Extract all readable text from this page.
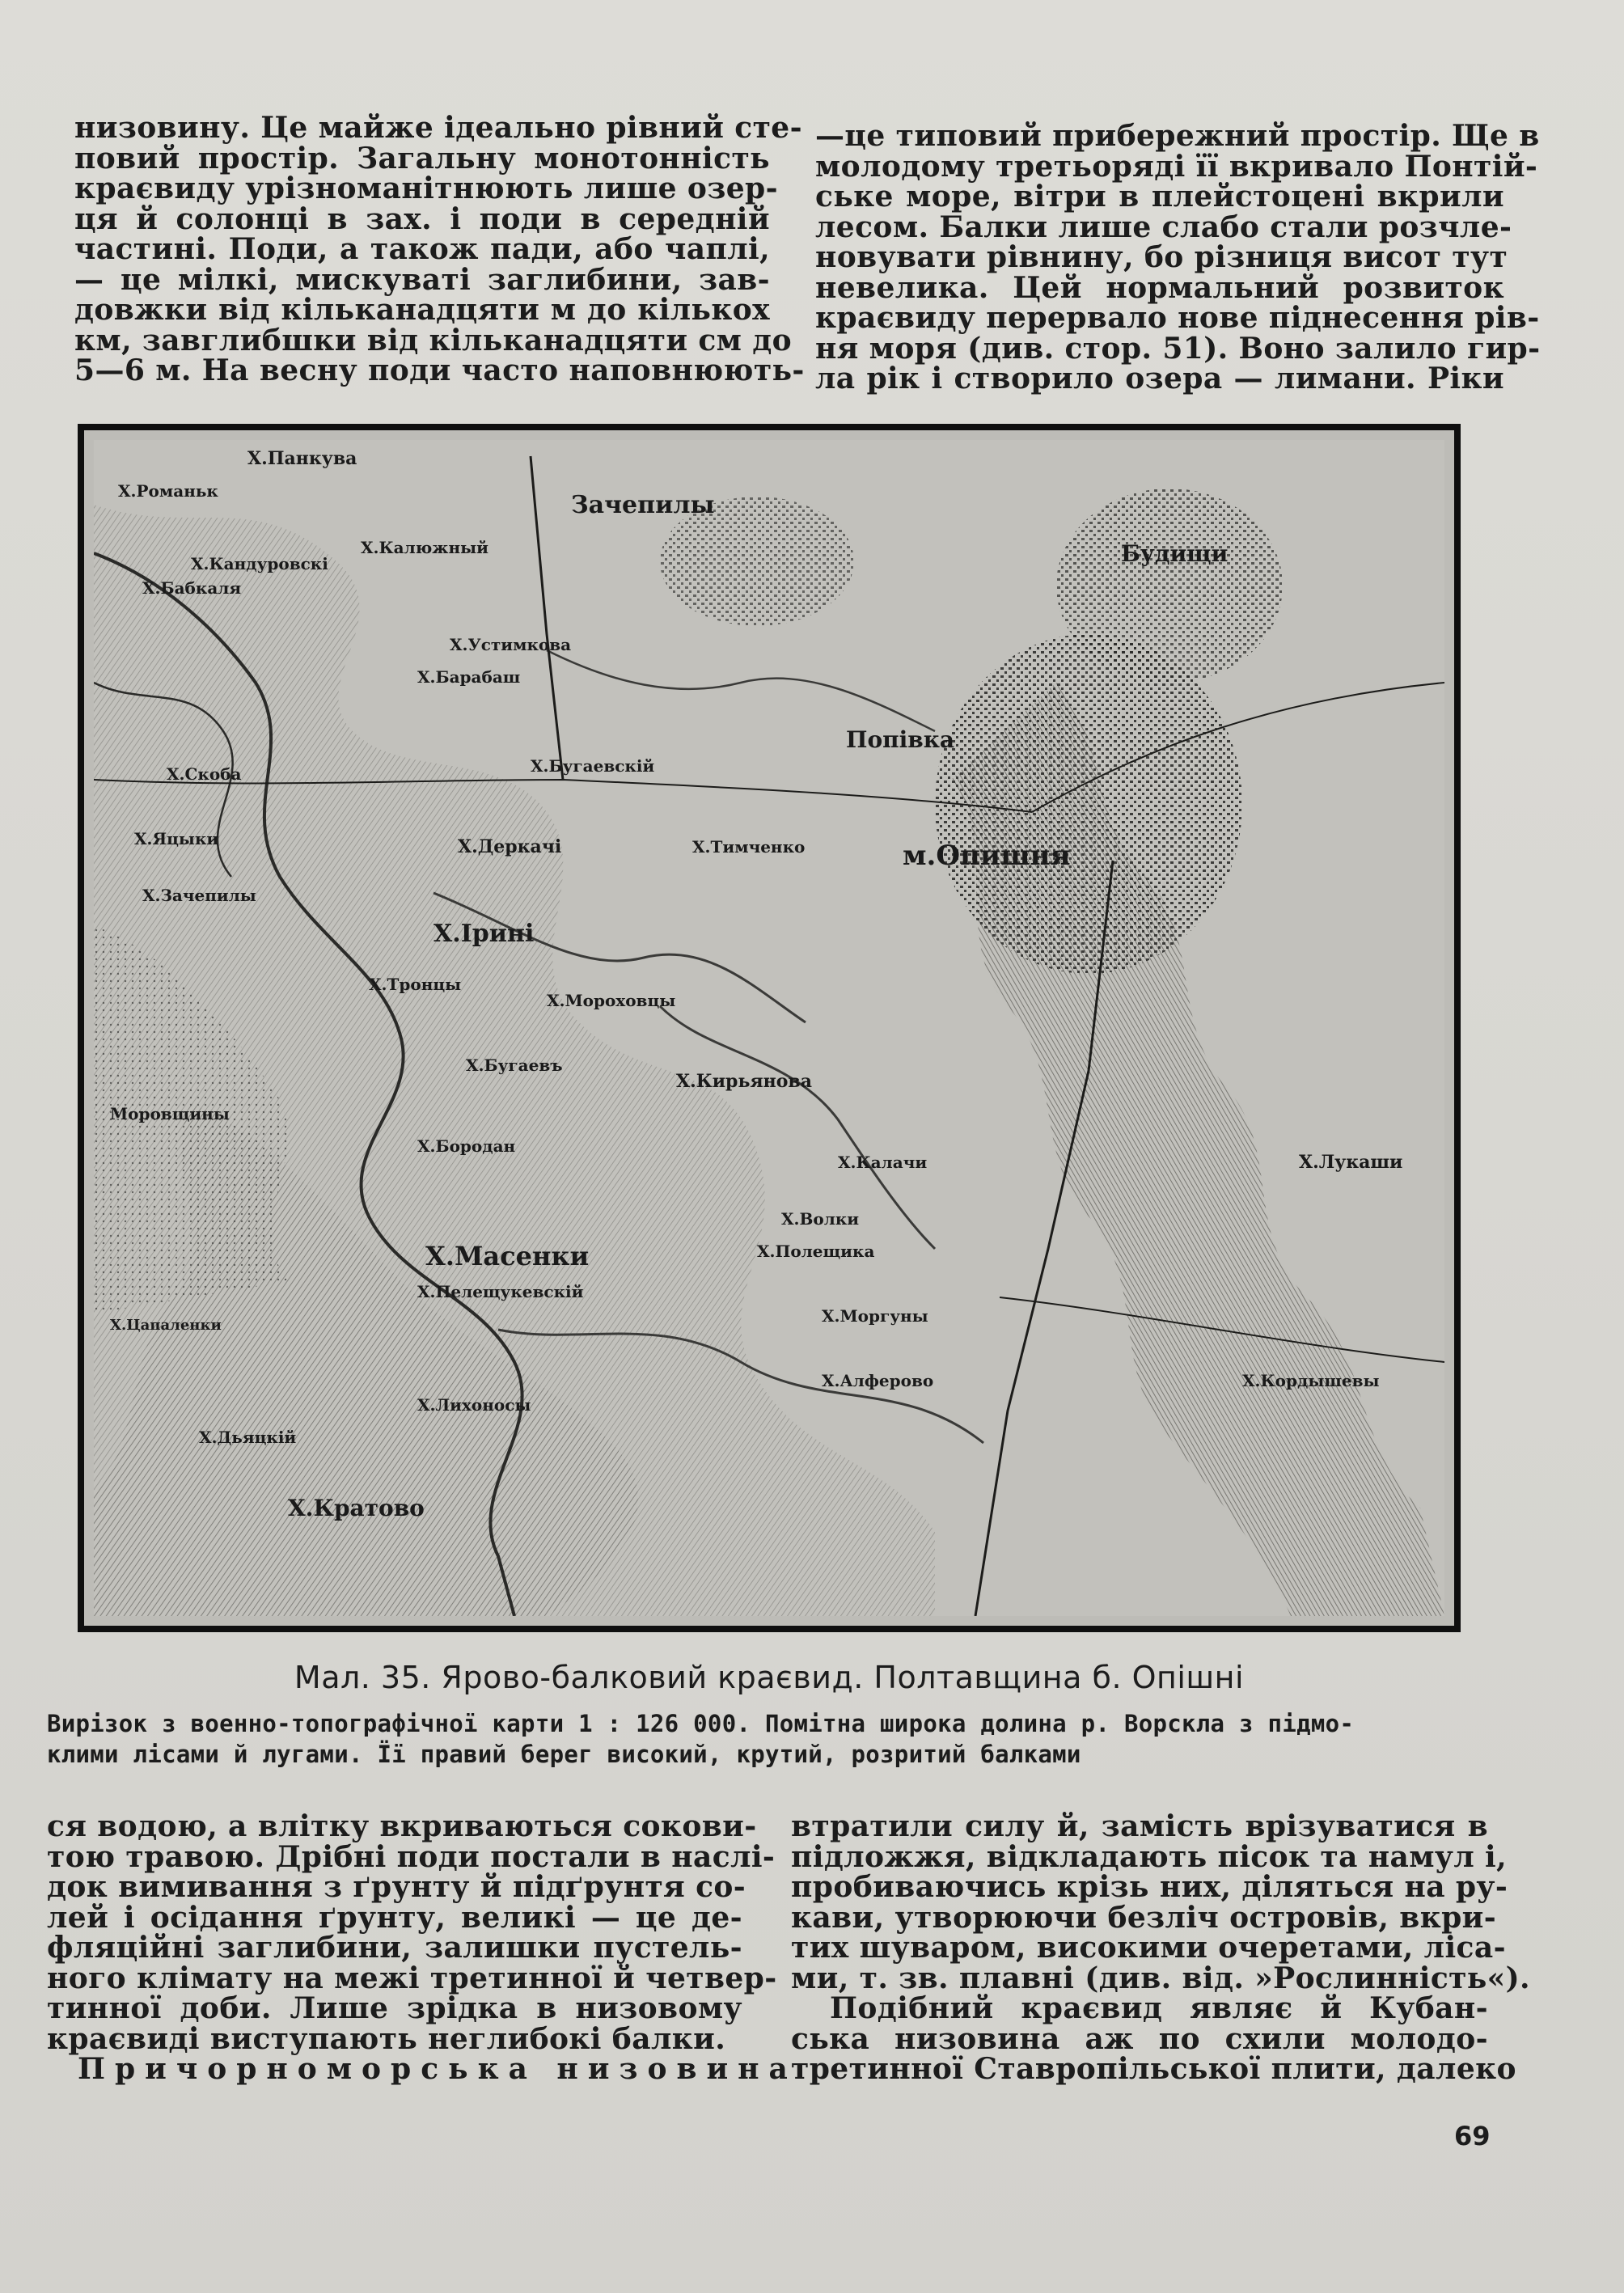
низовину. Це майже ідеально рівний сте-
повий простір. Загальну монотонність
краєвиду урізноманітнюють лише озер-
ця й солонці в зах. і поди в середній
частині. Поди, а також пади, або чаплі,
— це мілкі, мискуваті заглибини, зав-
довжки від кільканадцяти м до кількох
км, завглибшки від кільканадцяти см до
5—6 м. На весну поди часто наповнюють-
—це типовий прибережний простір. Ще в
молодому третьоряді її вкривало Понтій-
ське море, вітри в плейстоцені вкрили
лесом. Балки лише слабо стали розчле-
новувати рівнину, бо різниця висот тут
невелика. Цей нормальний розвиток
краєвиду перервало нове піднесення рів-
ня моря (див. стор. 51). Воно залило гир-
ла рік і створило озера — лимани. Ріки
Х.Панкува
Х.Романьк
Х.Бабкаля
Зачепилы
Будищи
Х.Калюжный
Х.Кандуровскi
Х.Устимкова
Х.Барабаш
Х.Бугаевскiй
Попівка
Х.Скоба
Х.Яцыки	Х.Деркачi	Х.Тимченко	м.Опишня
Х.Іринi
Х.Зачепилы
Х.Тронцы
Х.Мороховцы
Х.Бугаевъ
Х.Кирьянова
Х.Бородан
Х.Калачи
Х.Волки
Х.Лукаши
Х.Масенки
Х.Пелещукевскiй
Х.Моргуны
Х.Полещика
Х.Лихоносы
Х.Алферово	Х.Кордышевы
Х.Дьяцкiй
Х.Кратово
Х.Цапаленки
Моровщины
Мал. 35. Ярово-балковий краєвид. Полтавщина б. Опішні
Вирізок з военно-топографічної карти 1 : 126 000. Помітна широка долина р. Ворскла з підмо-
клими лісами й лугами. Її правий берег високий, крутий, розритий балками
ся водою, а влітку вкриваються сокови-
тою травою. Дрібні поди постали в наслі-
док вимивання з ґрунту й підґрунтя со-
лей і осідання ґрунту, великі — це де-
фляційні заглибини, залишки пустель-
ного клімату на межі третинної й четвер-
тинної доби. Лише зрідка в низовому
краєвиді виступають неглибокі балки.
Причорноморська низовина
втратили силу й, замість врізуватися в
підложжя, відкладають пісок та намул і,
пробиваючись крізь них, діляться на ру-
кави, утворюючи безліч островів, вкри-
тих шуваром, високими очеретами, ліса-
ми, т. зв. плавні (див. від. »Рослинність«).
Подібний краєвид являє й Кубан-
ська низовина аж по схили молодо-
третинної Ставропільської плити, далеко
69
